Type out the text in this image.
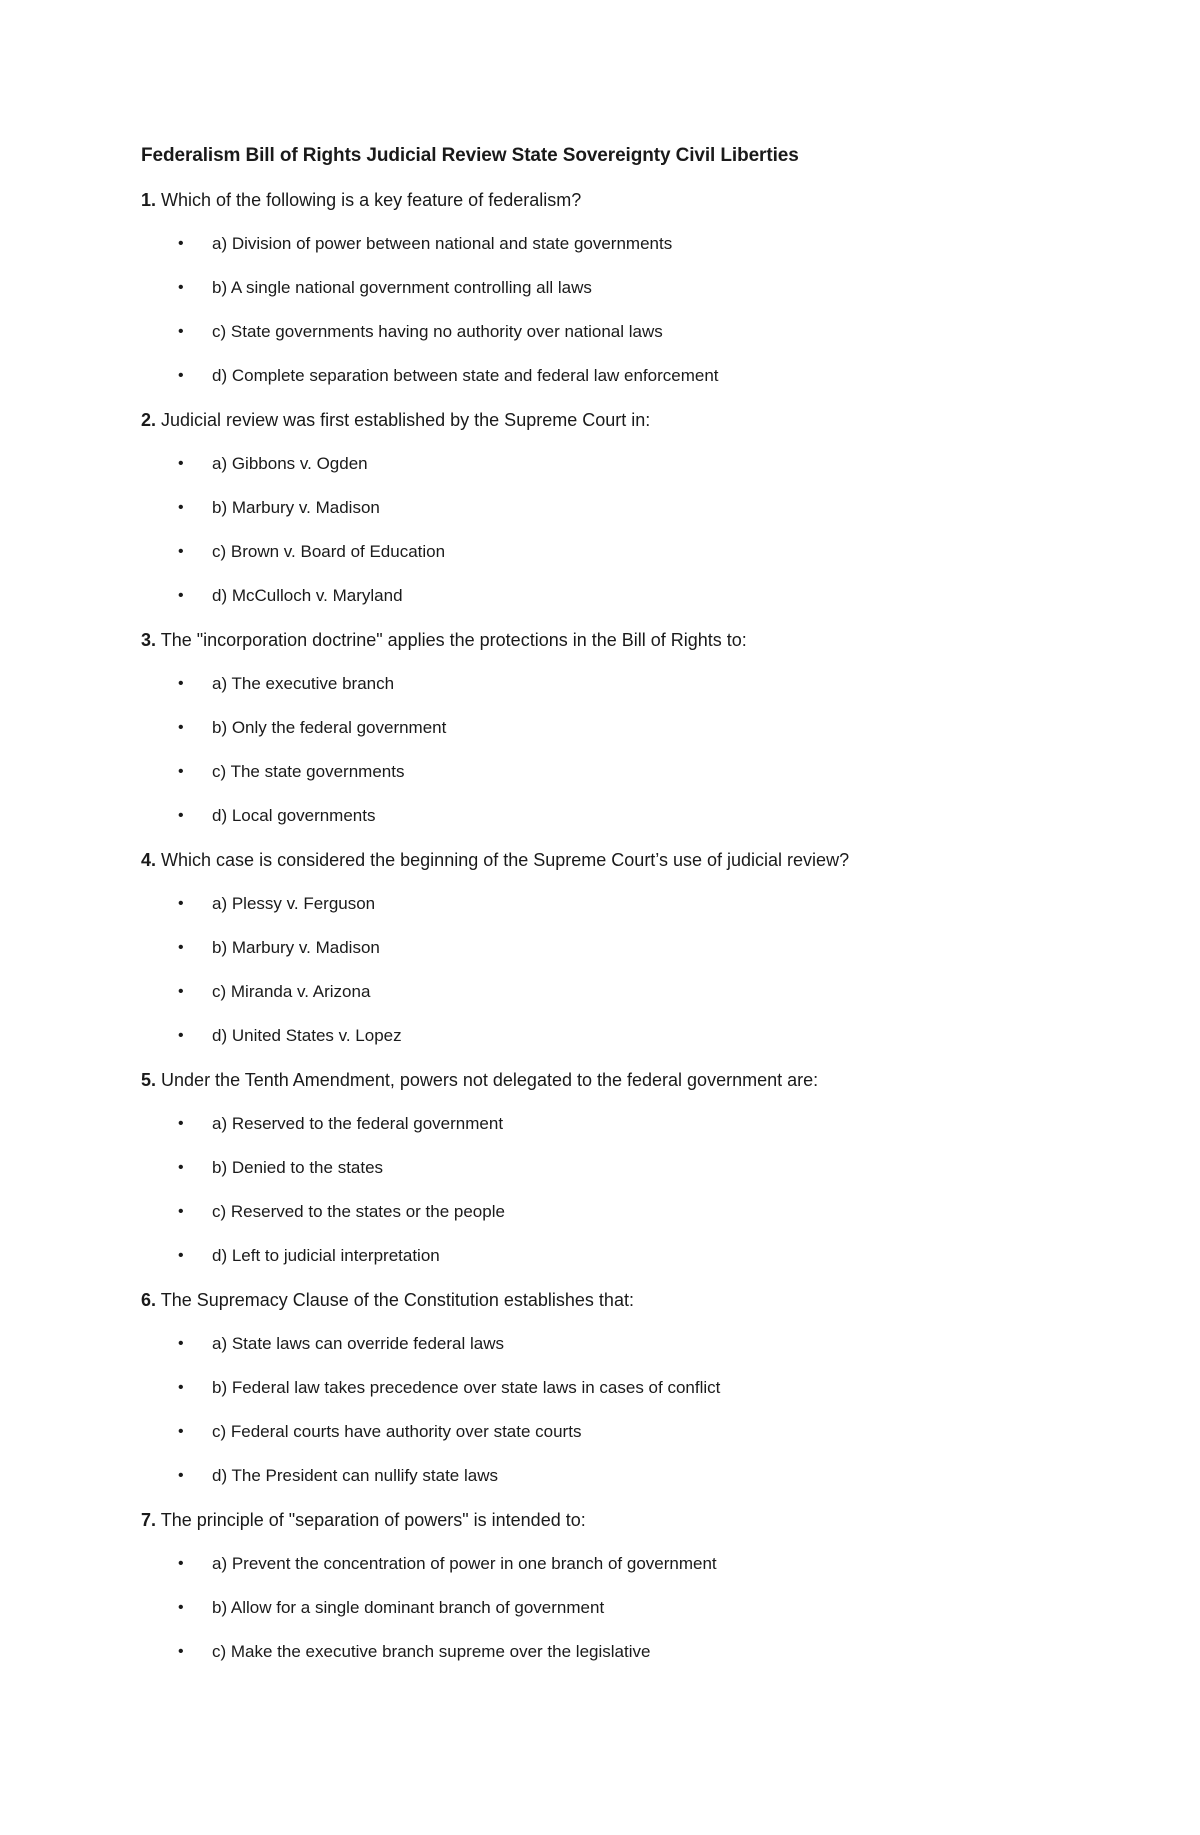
Federalism Bill of Rights Judicial Review State Sovereignty Civil Liberties
1. Which of the following is a key feature of federalism?
• a) Division of power between national and state governments
• b) A single national government controlling all laws
• c) State governments having no authority over national laws
• d) Complete separation between state and federal law enforcement
2. Judicial review was first established by the Supreme Court in:
• a) Gibbons v. Ogden
• b) Marbury v. Madison
• c) Brown v. Board of Education
• d) McCulloch v. Maryland
3. The "incorporation doctrine" applies the protections in the Bill of Rights to:
• a) The executive branch
• b) Only the federal government
• c) The state governments
• d) Local governments
4. Which case is considered the beginning of the Supreme Court’s use of judicial review?
• a) Plessy v. Ferguson
• b) Marbury v. Madison
• c) Miranda v. Arizona
• d) United States v. Lopez
5. Under the Tenth Amendment, powers not delegated to the federal government are:
• a) Reserved to the federal government
• b) Denied to the states
• c) Reserved to the states or the people
• d) Left to judicial interpretation
6. The Supremacy Clause of the Constitution establishes that:
• a) State laws can override federal laws
• b) Federal law takes precedence over state laws in cases of conflict
• c) Federal courts have authority over state courts
• d) The President can nullify state laws
7. The principle of "separation of powers" is intended to:
• a) Prevent the concentration of power in one branch of government
• b) Allow for a single dominant branch of government
• c) Make the executive branch supreme over the legislative
